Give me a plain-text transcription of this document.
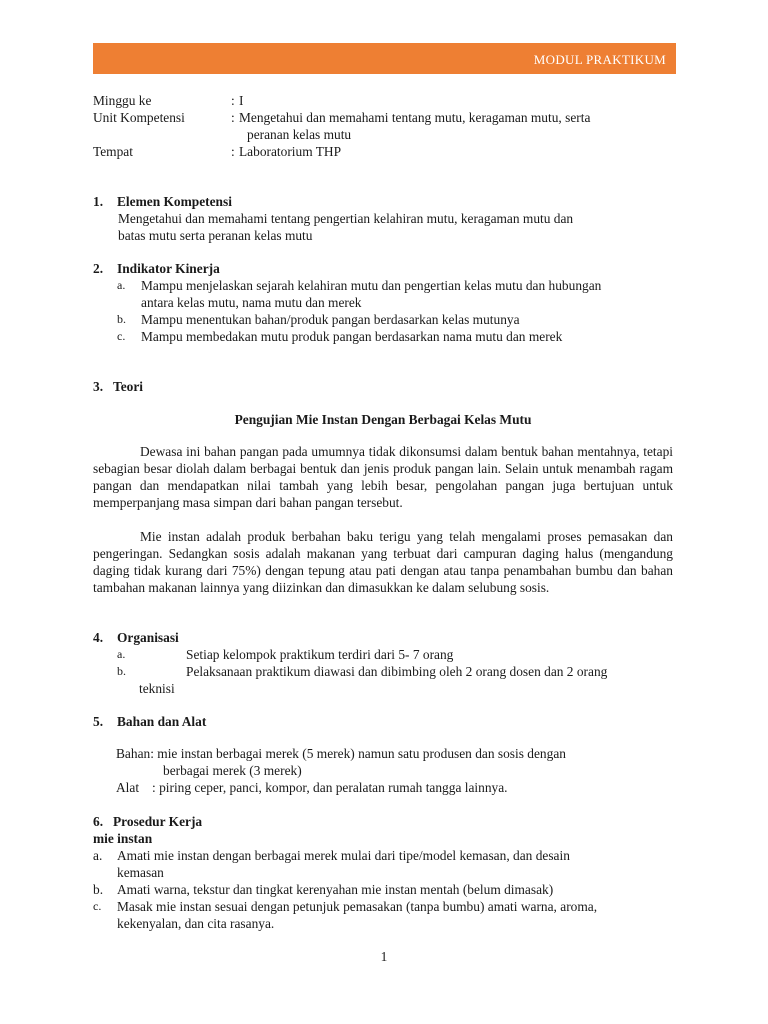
MODUL PRAKTIKUM
Minggu ke	: I
Unit Kompetensi	: Mengetahui dan memahami tentang mutu, keragaman mutu, serta
peranan kelas mutu
Tempat	: Laboratorium THP
1. Elemen Kompetensi
Mengetahui dan memahami tentang pengertian kelahiran mutu, keragaman mutu dan
batas mutu serta peranan kelas mutu
2. Indikator Kinerja
a.	Mampu menjelaskan sejarah kelahiran mutu dan pengertian kelas mutu dan hubungan
antara kelas mutu, nama mutu dan merek
b.	Mampu menentukan bahan/produk pangan berdasarkan kelas mutunya
c.	Mampu membedakan mutu produk pangan berdasarkan nama mutu dan merek
3. Teori
Pengujian Mie Instan Dengan Berbagai Kelas Mutu
Dewasa ini bahan pangan pada umumnya tidak dikonsumsi dalam bentuk bahan mentahnya, tetapi sebagian besar diolah dalam berbagai bentuk dan jenis produk pangan lain. Selain untuk menambah ragam pangan dan mendapatkan nilai tambah yang lebih besar, pengolahan pangan juga bertujuan untuk memperpanjang masa simpan dari bahan pangan tersebut.
Mie instan adalah produk berbahan baku terigu yang telah mengalami proses pemasakan dan pengeringan. Sedangkan sosis adalah makanan yang terbuat dari campuran daging halus (mengandung daging tidak kurang dari 75%) dengan tepung atau pati dengan atau tanpa penambahan bumbu dan bahan tambahan makanan lainnya yang diizinkan dan dimasukkan ke dalam selubung sosis.
4. Organisasi
a.	Setiap kelompok praktikum terdiri dari 5- 7 orang
b.	Pelaksanaan praktikum diawasi dan dibimbing oleh 2 orang dosen dan 2 orang
teknisi
5. Bahan dan Alat
Bahan: mie instan berbagai merek (5 merek) namun satu produsen dan sosis dengan
berbagai merek (3 merek)
Alat : piring ceper, panci, kompor, dan peralatan rumah tangga lainnya.
6. Prosedur Kerja
mie instan
a.	Amati mie instan dengan berbagai merek mulai dari tipe/model kemasan, dan desain
kemasan
b.	Amati warna, tekstur dan tingkat kerenyahan mie instan mentah (belum dimasak)
c.	Masak mie instan sesuai dengan petunjuk pemasakan (tanpa bumbu) amati warna, aroma,
kekenyalan, dan cita rasanya.
1
